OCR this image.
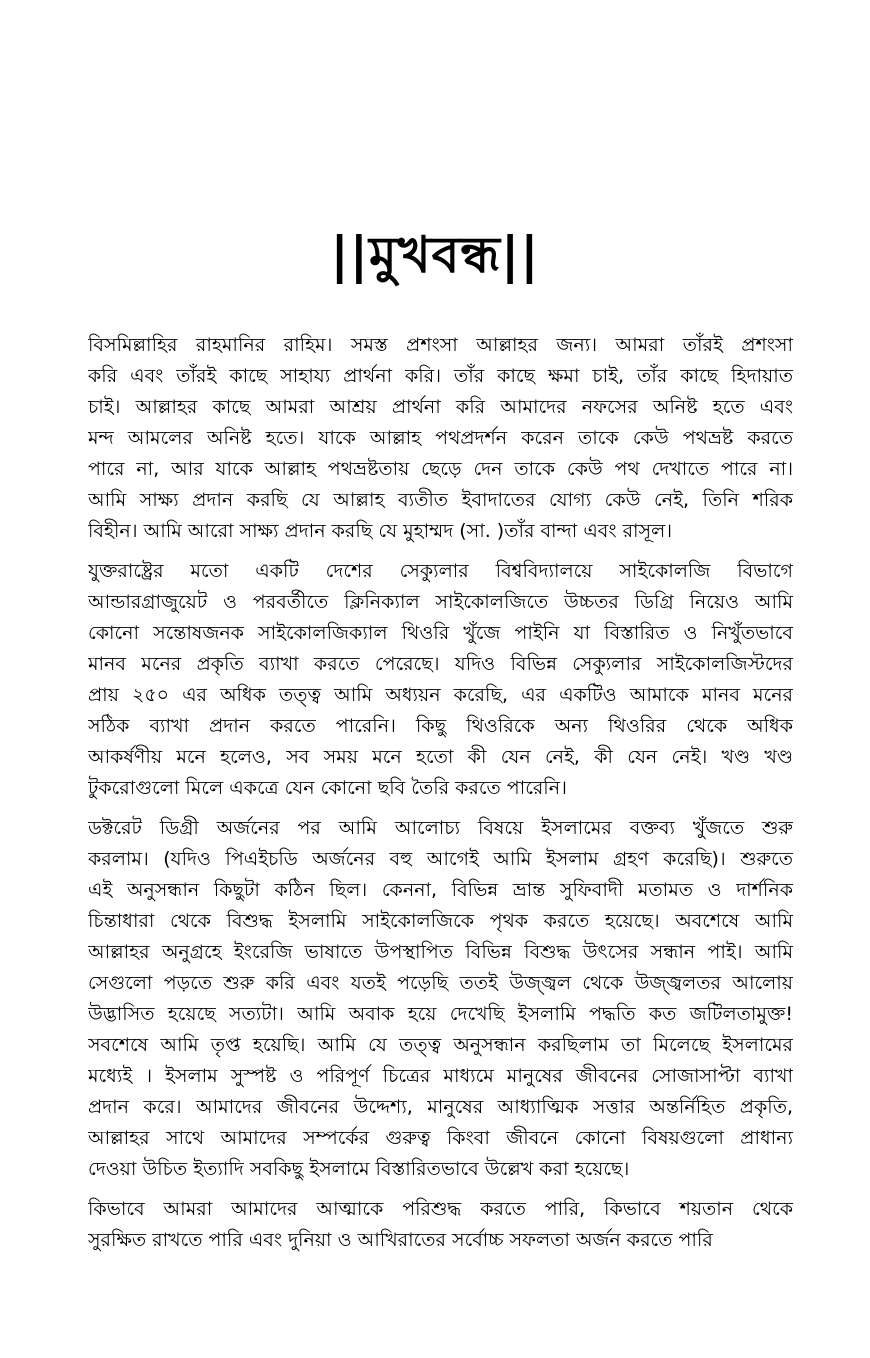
||মুখবন্ধ||
বিসমিল্লাহির রাহমানির রাহিম। সমস্ত প্রশংসা আল্লাহর জন্য। আমরা তাঁরই প্রশংসা
করি এবং তাঁরই কাছে সাহায্য প্রার্থনা করি। তাঁর কাছে ক্ষমা চাই, তাঁর কাছে হিদায়াত
চাই। আল্লাহর কাছে আমরা আশ্রয় প্রার্থনা করি আমাদের নফসের অনিষ্ট হতে এবং
মন্দ আমলের অনিষ্ট হতে। যাকে আল্লাহ পথপ্রদর্শন করেন তাকে কেউ পথভ্রষ্ট করতে
পারে না, আর যাকে আল্লাহ পথভ্রষ্টতায় ছেড়ে দেন তাকে কেউ পথ দেখাতে পারে না।
আমি সাক্ষ্য প্রদান করছি যে আল্লাহ ব্যতীত ইবাদাতের যোগ্য কেউ নেই, তিনি শরিক
বিহীন। আমি আরো সাক্ষ্য প্রদান করছি যে মুহাম্মদ (সা. )তাঁর বান্দা এবং রাসূল।
যুক্তরাষ্ট্রের মতো একটি দেশের সেক্যুলার বিশ্ববিদ্যালয়ে সাইকোলজি বিভাগে
আন্ডারগ্রাজুয়েট ও পরবর্তীতে ক্লিনিক্যাল সাইকোলজিতে উচ্চতর ডিগ্রি নিয়েও আমি
কোনো সন্তোষজনক সাইকোলজিক্যাল থিওরি খুঁজে পাইনি যা বিস্তারিত ও নিখুঁতভাবে
মানব মনের প্রকৃতি ব্যাখা করতে পেরেছে। যদিও বিভিন্ন সেক্যুলার সাইকোলজিস্টদের
প্রায় ২৫০ এর অধিক তত্ত্ব আমি অধ্যয়ন করেছি, এর একটিও আমাকে মানব মনের
সঠিক ব্যাখা প্রদান করতে পারেনি। কিছু থিওরিকে অন্য থিওরির থেকে অধিক
আকর্ষণীয় মনে হলেও, সব সময় মনে হতো কী যেন নেই, কী যেন নেই। খণ্ড খণ্ড
টুকরোগুলো মিলে একত্রে যেন কোনো ছবি তৈরি করতে পারেনি।
ডক্টরেট ডিগ্রী অর্জনের পর আমি আলোচ্য বিষয়ে ইসলামের বক্তব্য খুঁজতে শুরু
করলাম। (যদিও পিএইচডি অর্জনের বহু আগেই আমি ইসলাম গ্রহণ করেছি)। শুরুতে
এই অনুসন্ধান কিছুটা কঠিন ছিল। কেননা, বিভিন্ন ভ্রান্ত সুফিবাদী মতামত ও দার্শনিক
চিন্তাধারা থেকে বিশুদ্ধ ইসলামি সাইকোলজিকে পৃথক করতে হয়েছে। অবশেষে আমি
আল্লাহর অনুগ্রহে ইংরেজি ভাষাতে উপস্থাপিত বিভিন্ন বিশুদ্ধ উৎসের সন্ধান পাই। আমি
সেগুলো পড়তে শুরু করি এবং যতই পড়েছি ততই উজ্জ্বল থেকে উজ্জ্বলতর আলোয়
উদ্ভাসিত হয়েছে সত্যটা। আমি অবাক হয়ে দেখেছি ইসলামি পদ্ধতি কত জটিলতামুক্ত!
সবশেষে আমি তৃপ্ত হয়েছি। আমি যে তত্ত্ব অনুসন্ধান করছিলাম তা মিলেছে ইসলামের
মধ্যেই । ইসলাম সুস্পষ্ট ও পরিপূর্ণ চিত্রের মাধ্যমে মানুষের জীবনের সোজাসাপ্টা ব্যাখা
প্রদান করে। আমাদের জীবনের উদ্দেশ্য, মানুষের আধ্যাত্মিক সত্তার অন্তর্নিহিত প্রকৃতি,
আল্লাহর সাথে আমাদের সম্পর্কের গুরুত্ব কিংবা জীবনে কোনো বিষয়গুলো প্রাধান্য
দেওয়া উচিত ইত্যাদি সবকিছু ইসলামে বিস্তারিতভাবে উল্লেখ করা হয়েছে।
কিভাবে আমরা আমাদের আত্মাকে পরিশুদ্ধ করতে পারি, কিভাবে শয়তান থেকে
সুরক্ষিত রাখতে পারি এবং দুনিয়া ও আখিরাতের সর্বোচ্চ সফলতা অর্জন করতে পারি
